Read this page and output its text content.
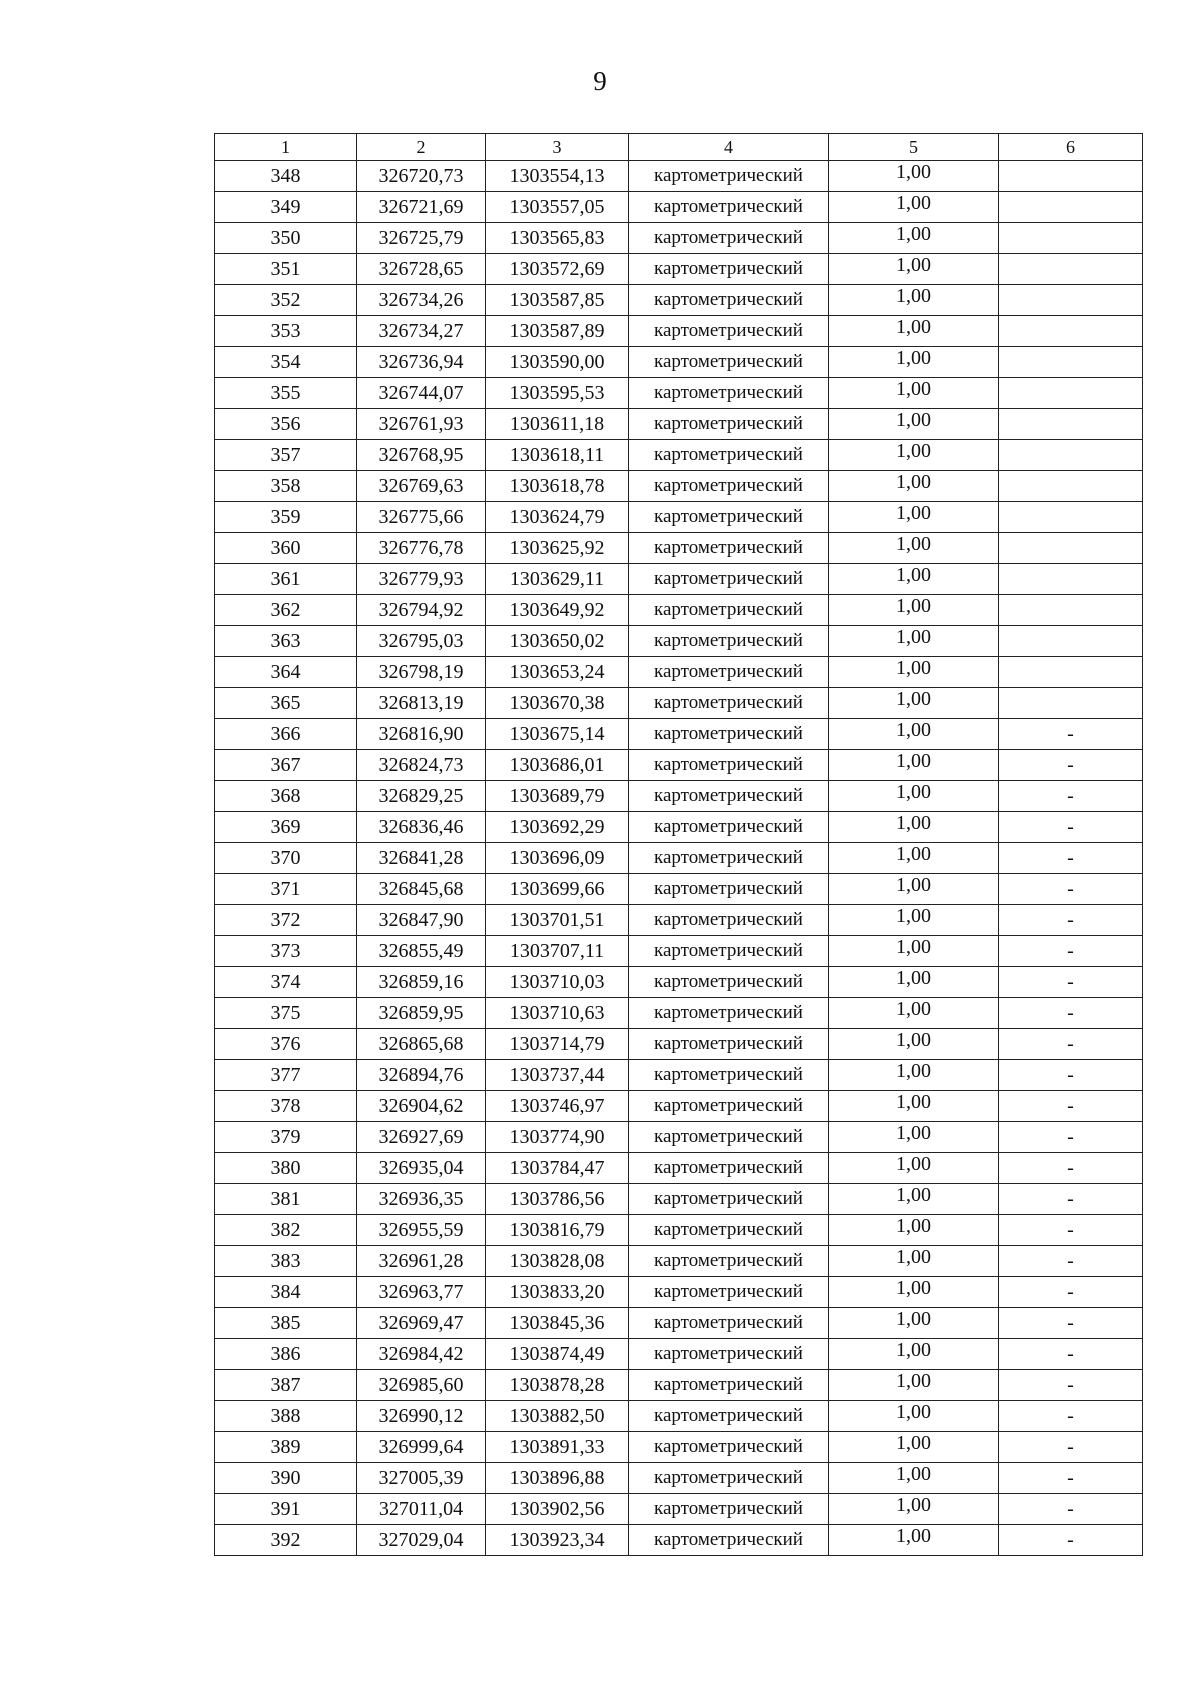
9
1	2	3	4	5	6
348	326720,73	1303554,13	картометрический	1,00	
349	326721,69	1303557,05	картометрический	1,00	
350	326725,79	1303565,83	картометрический	1,00	
351	326728,65	1303572,69	картометрический	1,00	
352	326734,26	1303587,85	картометрический	1,00	
353	326734,27	1303587,89	картометрический	1,00	
354	326736,94	1303590,00	картометрический	1,00	
355	326744,07	1303595,53	картометрический	1,00	
356	326761,93	1303611,18	картометрический	1,00	
357	326768,95	1303618,11	картометрический	1,00	
358	326769,63	1303618,78	картометрический	1,00	
359	326775,66	1303624,79	картометрический	1,00	
360	326776,78	1303625,92	картометрический	1,00	
361	326779,93	1303629,11	картометрический	1,00	
362	326794,92	1303649,92	картометрический	1,00	
363	326795,03	1303650,02	картометрический	1,00	
364	326798,19	1303653,24	картометрический	1,00	
365	326813,19	1303670,38	картометрический	1,00	
366	326816,90	1303675,14	картометрический	1,00	-
367	326824,73	1303686,01	картометрический	1,00	-
368	326829,25	1303689,79	картометрический	1,00	-
369	326836,46	1303692,29	картометрический	1,00	-
370	326841,28	1303696,09	картометрический	1,00	-
371	326845,68	1303699,66	картометрический	1,00	-
372	326847,90	1303701,51	картометрический	1,00	-
373	326855,49	1303707,11	картометрический	1,00	-
374	326859,16	1303710,03	картометрический	1,00	-
375	326859,95	1303710,63	картометрический	1,00	-
376	326865,68	1303714,79	картометрический	1,00	-
377	326894,76	1303737,44	картометрический	1,00	-
378	326904,62	1303746,97	картометрический	1,00	-
379	326927,69	1303774,90	картометрический	1,00	-
380	326935,04	1303784,47	картометрический	1,00	-
381	326936,35	1303786,56	картометрический	1,00	-
382	326955,59	1303816,79	картометрический	1,00	-
383	326961,28	1303828,08	картометрический	1,00	-
384	326963,77	1303833,20	картометрический	1,00	-
385	326969,47	1303845,36	картометрический	1,00	-
386	326984,42	1303874,49	картометрический	1,00	-
387	326985,60	1303878,28	картометрический	1,00	-
388	326990,12	1303882,50	картометрический	1,00	-
389	326999,64	1303891,33	картометрический	1,00	-
390	327005,39	1303896,88	картометрический	1,00	-
391	327011,04	1303902,56	картометрический	1,00	-
392	327029,04	1303923,34	картометрический	1,00	-
